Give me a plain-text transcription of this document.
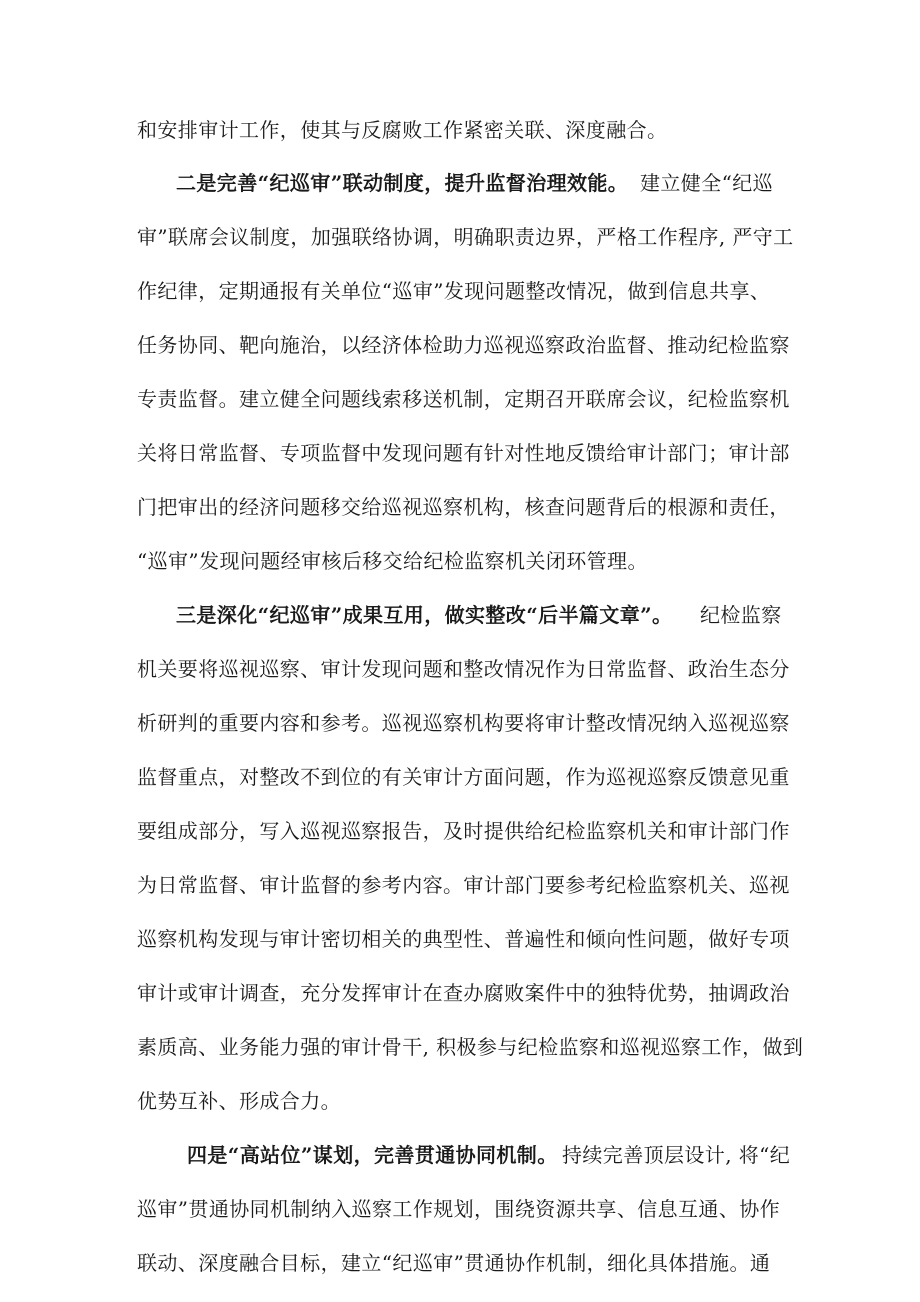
和安排审计工作，使其与反腐败工作紧密关联、深度融合。
二是完善“纪巡审”联动制度，提升监督治理效能。 建立健全“纪巡
审”联席会议制度，加强联络协调，明确职责边界，严格工作程序, 严守工
作纪律，定期通报有关单位“巡审”发现问题整改情况，做到信息共享、
任务协同、靶向施治，以经济体检助力巡视巡察政治监督、推动纪检监察
专责监督。建立健全问题线索移送机制，定期召开联席会议，纪检监察机
关将日常监督、专项监督中发现问题有针对性地反馈给审计部门；审计部
门把审出的经济问题移交给巡视巡察机构，核查问题背后的根源和责任，
“巡审”发现问题经审核后移交给纪检监察机关闭环管理。
三是深化“纪巡审”成果互用，做实整改“后半篇文章”。 纪检监察
机关要将巡视巡察、审计发现问题和整改情况作为日常监督、政治生态分
析研判的重要内容和参考。巡视巡察机构要将审计整改情况纳入巡视巡察
监督重点，对整改不到位的有关审计方面问题，作为巡视巡察反馈意见重
要组成部分，写入巡视巡察报告，及时提供给纪检监察机关和审计部门作
为日常监督、审计监督的参考内容。审计部门要参考纪检监察机关、巡视
巡察机构发现与审计密切相关的典型性、普遍性和倾向性问题，做好专项
审计或审计调查，充分发挥审计在查办腐败案件中的独特优势，抽调政治
素质高、业务能力强的审计骨干, 积极参与纪检监察和巡视巡察工作，做到
优势互补、形成合力。
四是“高站位”谋划，完善贯通协同机制。 持续完善顶层设计, 将“纪
巡审”贯通协同机制纳入巡察工作规划，围绕资源共享、信息互通、协作
联动、深度融合目标，建立“纪巡审”贯通协作机制，细化具体措施。通
